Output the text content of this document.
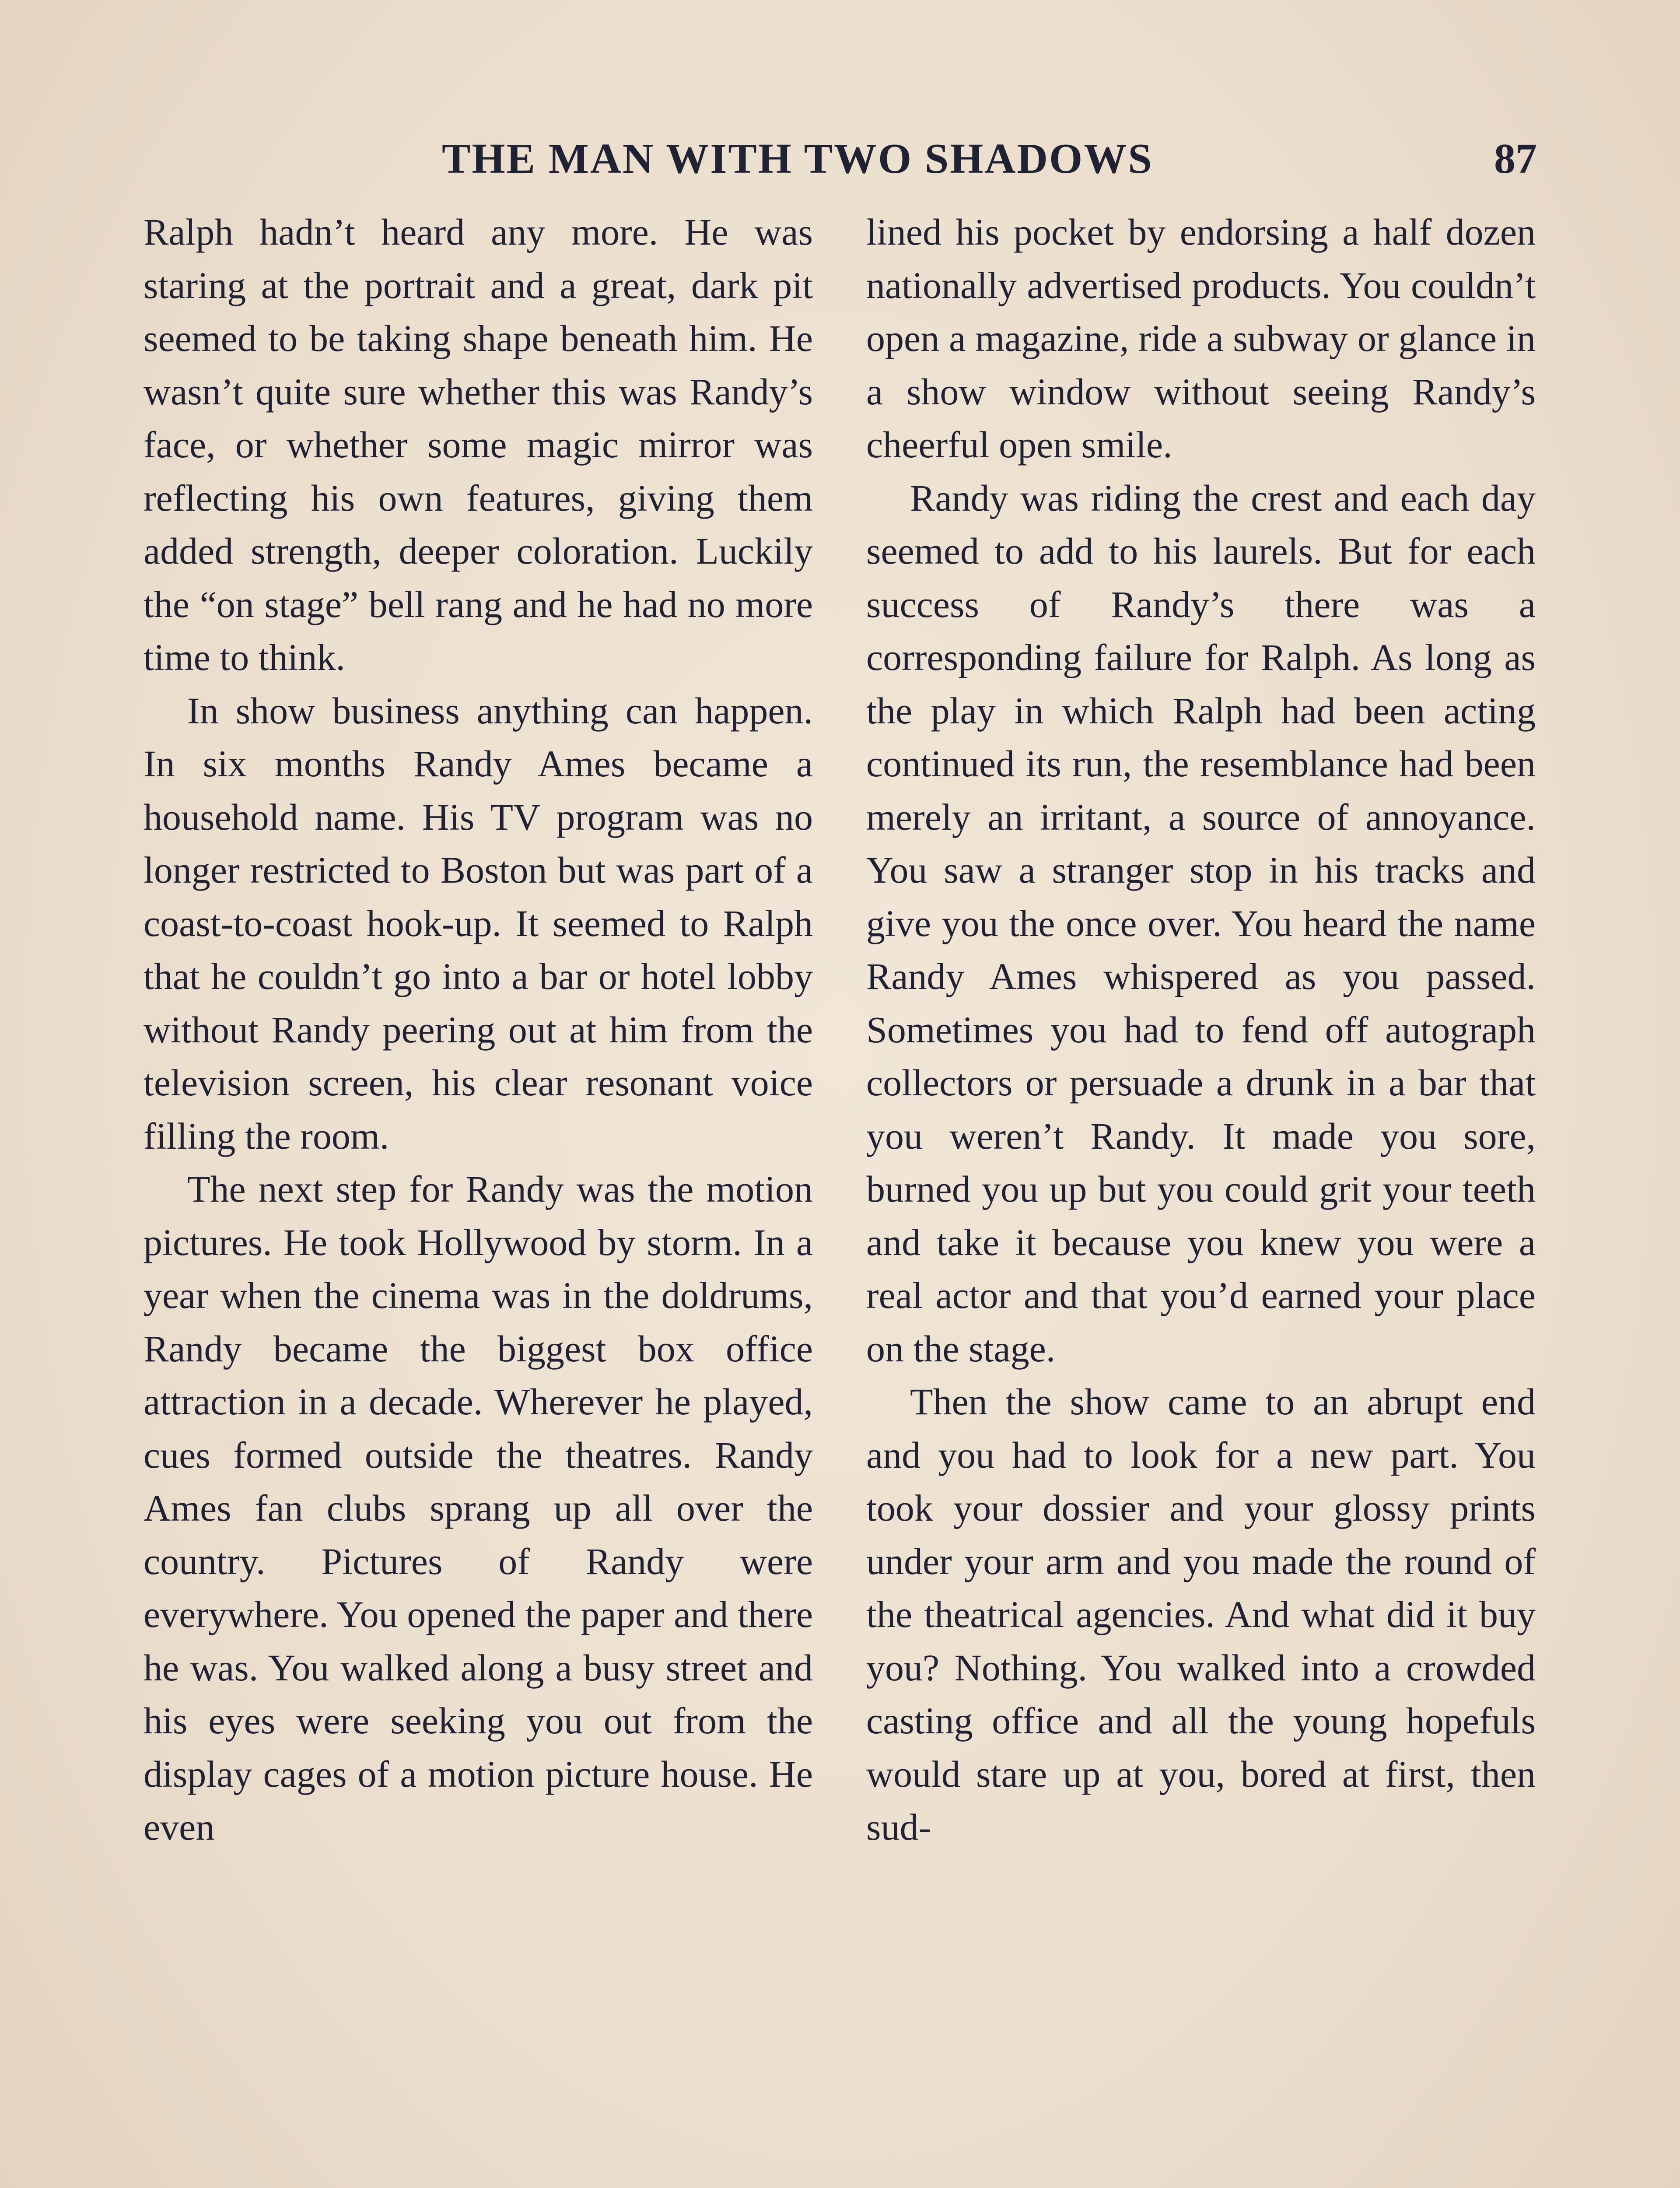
THE MAN WITH TWO SHADOWS	87

Ralph hadn’t heard any more. He was staring at the portrait and a great, dark pit seemed to be taking shape beneath him. He wasn’t quite sure whether this was Randy’s face, or whether some magic mirror was reflecting his own features, giving them added strength, deeper coloration. Luckily the “on stage” bell rang and he had no more time to think.

In show business anything can happen. In six months Randy Ames became a household name. His TV program was no longer restricted to Boston but was part of a coast-to-coast hook-up. It seemed to Ralph that he couldn’t go into a bar or hotel lobby without Randy peering out at him from the television screen, his clear resonant voice filling the room.

The next step for Randy was the motion pictures. He took Hollywood by storm. In a year when the cinema was in the doldrums, Randy became the biggest box office attraction in a decade. Wherever he played, cues formed outside the theatres. Randy Ames fan clubs sprang up all over the country. Pictures of Randy were everywhere. You opened the paper and there he was. You walked along a busy street and his eyes were seeking you out from the display cages of a motion picture house. He even

lined his pocket by endorsing a half dozen nationally advertised products. You couldn’t open a magazine, ride a subway or glance in a show window without seeing Randy’s cheerful open smile.

Randy was riding the crest and each day seemed to add to his laurels. But for each success of Randy’s there was a corresponding failure for Ralph. As long as the play in which Ralph had been acting continued its run, the resemblance had been merely an irritant, a source of annoyance. You saw a stranger stop in his tracks and give you the once over. You heard the name Randy Ames whispered as you passed. Sometimes you had to fend off autograph collectors or persuade a drunk in a bar that you weren’t Randy. It made you sore, burned you up but you could grit your teeth and take it because you knew you were a real actor and that you’d earned your place on the stage.

Then the show came to an abrupt end and you had to look for a new part. You took your dossier and your glossy prints under your arm and you made the round of the theatrical agencies. And what did it buy you? Nothing. You walked into a crowded casting office and all the young hopefuls would stare up at you, bored at first, then sud-
